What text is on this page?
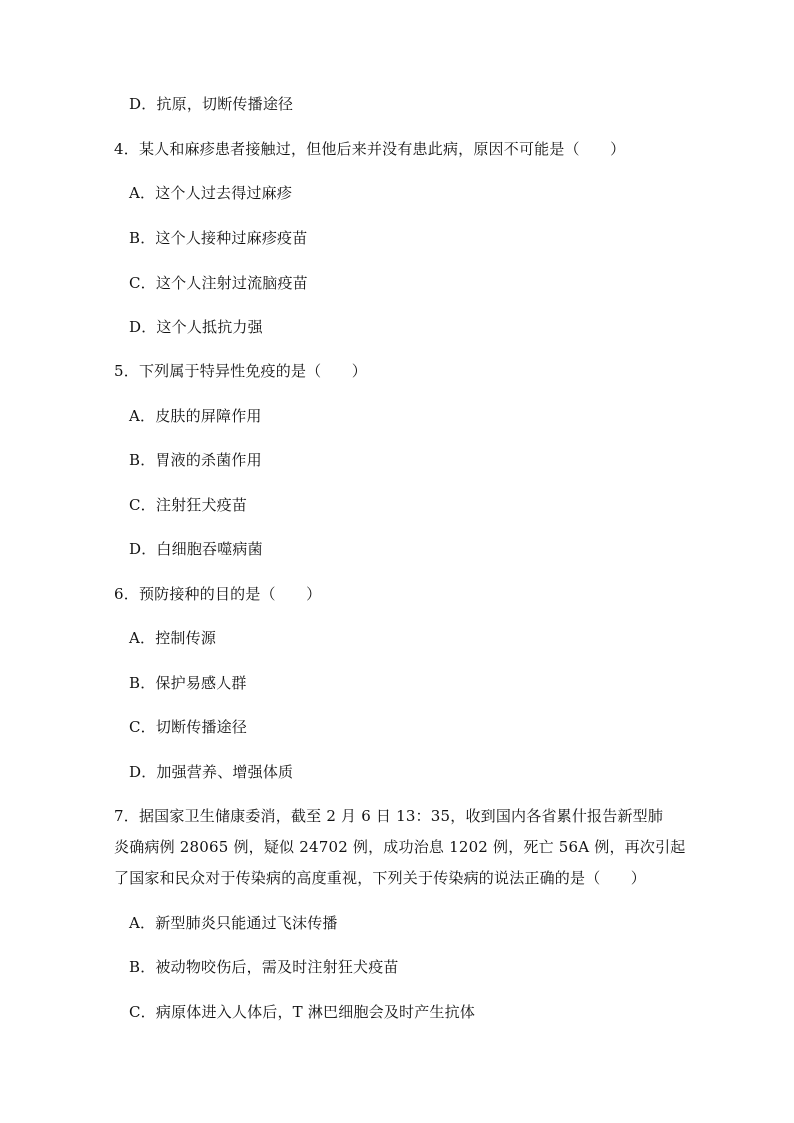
D．抗原，切断传播途径
4．某人和麻疹患者接触过，但他后来并没有患此病，原因不可能是（　　）
A．这个人过去得过麻疹
B．这个人接种过麻疹疫苗
C．这个人注射过流脑疫苗
D．这个人抵抗力强
5．下列属于特异性免疫的是（　　）
A．皮肤的屏障作用
B．胃液的杀菌作用
C．注射狂犬疫苗
D．白细胞吞噬病菌
6．预防接种的目的是（　　）
A．控制传源
B．保护易感人群
C．切断传播途径
D．加强营养、增强体质
7．据国家卫生储康委消，截至 2 月 6 日 13：35，收到国内各省累什报告新型肺
炎确病例 28065 例，疑似 24702 例，成功治息 1202 例，死亡 56A 例，再次引起
了国家和民众对于传染病的高度重视，下列关于传染病的说法正确的是（　　）
A．新型肺炎只能通过飞沫传播
B．被动物咬伤后，需及时注射狂犬疫苗
C．病原体进入人体后，T 淋巴细胞会及时产生抗体
